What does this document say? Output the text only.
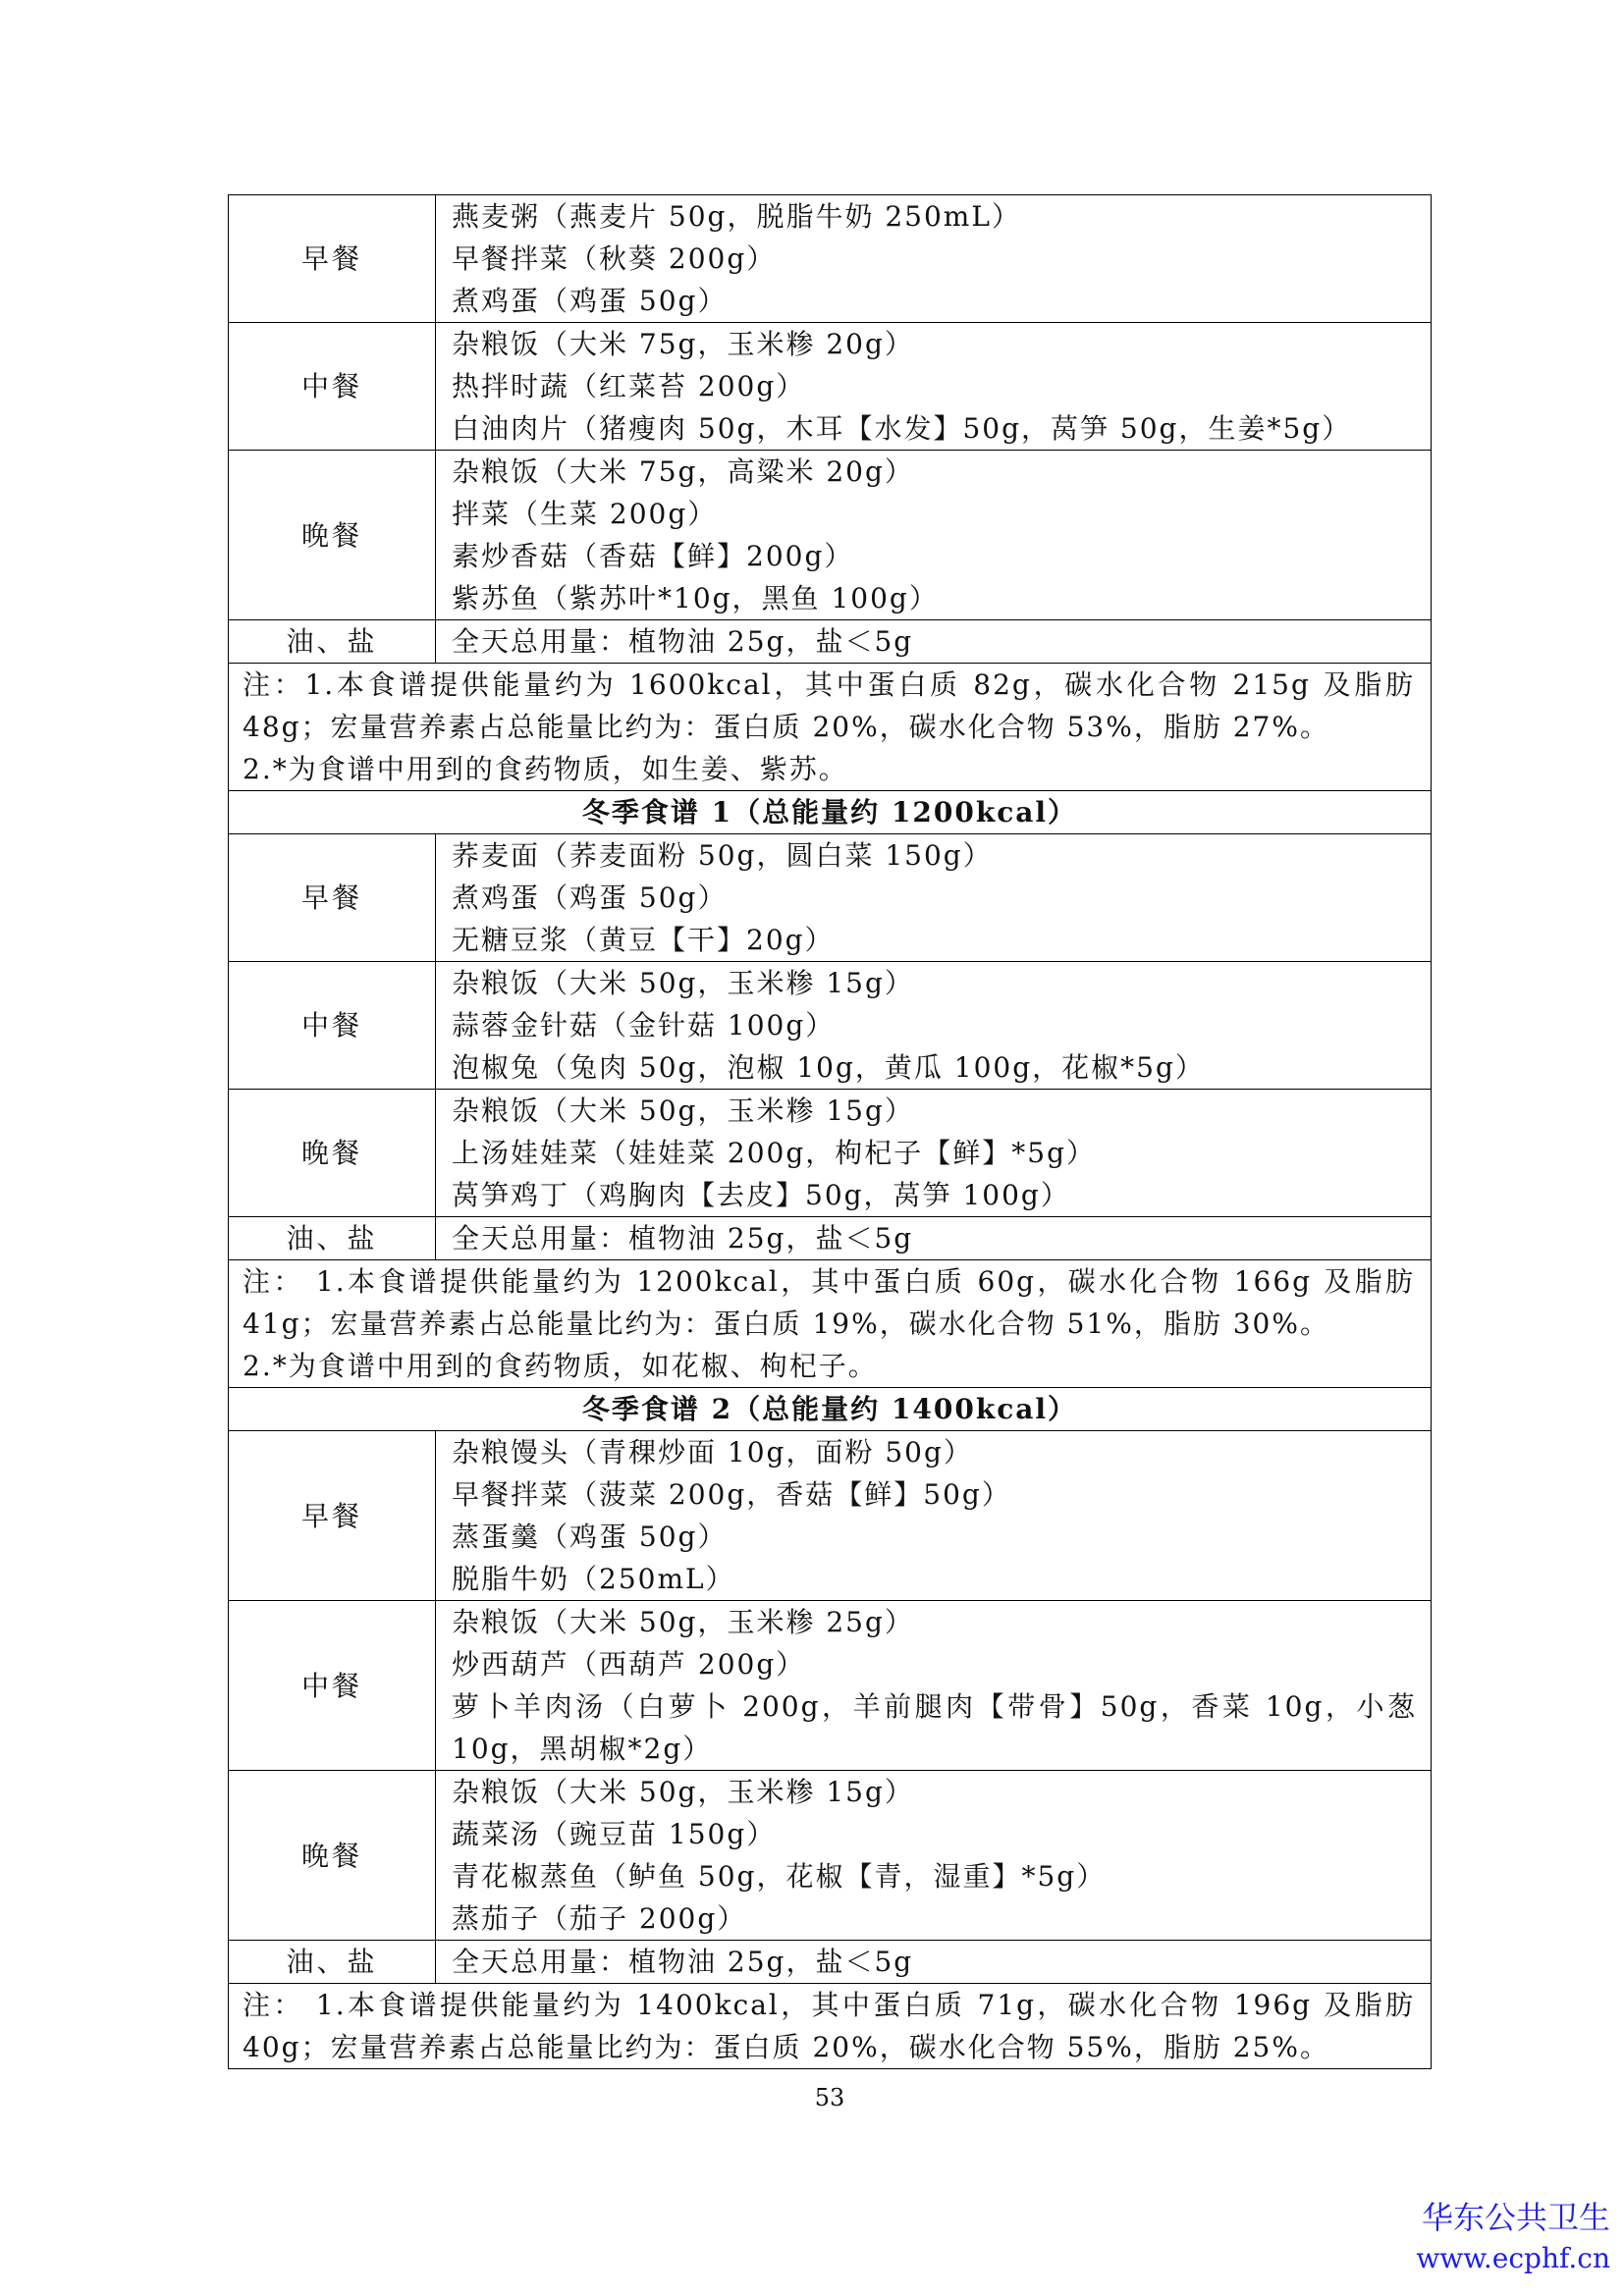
早餐	燕麦粥（燕麦片 50g，脱脂牛奶 250mL）
早餐拌菜（秋葵 200g）
煮鸡蛋（鸡蛋 50g）

中餐	杂粮饭（大米 75g，玉米糁 20g）
热拌时蔬（红菜苔 200g）
白油肉片（猪瘦肉 50g，木耳【水发】50g，莴笋 50g，生姜*5g）

晚餐	杂粮饭（大米 75g，高粱米 20g）
拌菜（生菜 200g）
素炒香菇（香菇【鲜】200g）
紫苏鱼（紫苏叶*10g，黑鱼 100g）

油、盐	全天总用量：植物油 25g，盐＜5g

注：1.本食谱提供能量约为 1600kcal，其中蛋白质 82g，碳水化合物 215g 及脂肪
48g；宏量营养素占总能量比约为：蛋白质 20%，碳水化合物 53%，脂肪 27%。
2.*为食谱中用到的食药物质，如生姜、紫苏。	

冬季食谱 1（总能量约 1200kcal）	
早餐	荞麦面（荞麦面粉 50g，圆白菜 150g）
煮鸡蛋（鸡蛋 50g）
无糖豆浆（黄豆【干】20g）

中餐	杂粮饭（大米 50g，玉米糁 15g）
蒜蓉金针菇（金针菇 100g）
泡椒兔（兔肉 50g，泡椒 10g，黄瓜 100g，花椒*5g）

晚餐	杂粮饭（大米 50g，玉米糁 15g）
上汤娃娃菜（娃娃菜 200g，枸杞子【鲜】*5g）
莴笋鸡丁（鸡胸肉【去皮】50g，莴笋 100g）

油、盐	全天总用量：植物油 25g，盐＜5g

注： 1.本食谱提供能量约为 1200kcal，其中蛋白质 60g，碳水化合物 166g 及脂肪
41g；宏量营养素占总能量比约为：蛋白质 19%，碳水化合物 51%，脂肪 30%。
2.*为食谱中用到的食药物质，如花椒、枸杞子。	

冬季食谱 2（总能量约 1400kcal）	
早餐	杂粮馒头（青稞炒面 10g，面粉 50g）
早餐拌菜（菠菜 200g，香菇【鲜】50g）
蒸蛋羹（鸡蛋 50g）
脱脂牛奶（250mL）

中餐	杂粮饭（大米 50g，玉米糁 25g）
炒西葫芦（西葫芦 200g）
萝卜羊肉汤（白萝卜 200g，羊前腿肉【带骨】50g，香菜 10g，小葱
10g，黑胡椒*2g）

晚餐	杂粮饭（大米 50g，玉米糁 15g）
蔬菜汤（豌豆苗 150g）
青花椒蒸鱼（鲈鱼 50g，花椒【青，湿重】*5g）
蒸茄子（茄子 200g）

油、盐	全天总用量：植物油 25g，盐＜5g

注： 1.本食谱提供能量约为 1400kcal，其中蛋白质 71g，碳水化合物 196g 及脂肪
40g；宏量营养素占总能量比约为：蛋白质 20%，碳水化合物 55%，脂肪 25%。	
53
华东公共卫生
www.ecphf.cn
